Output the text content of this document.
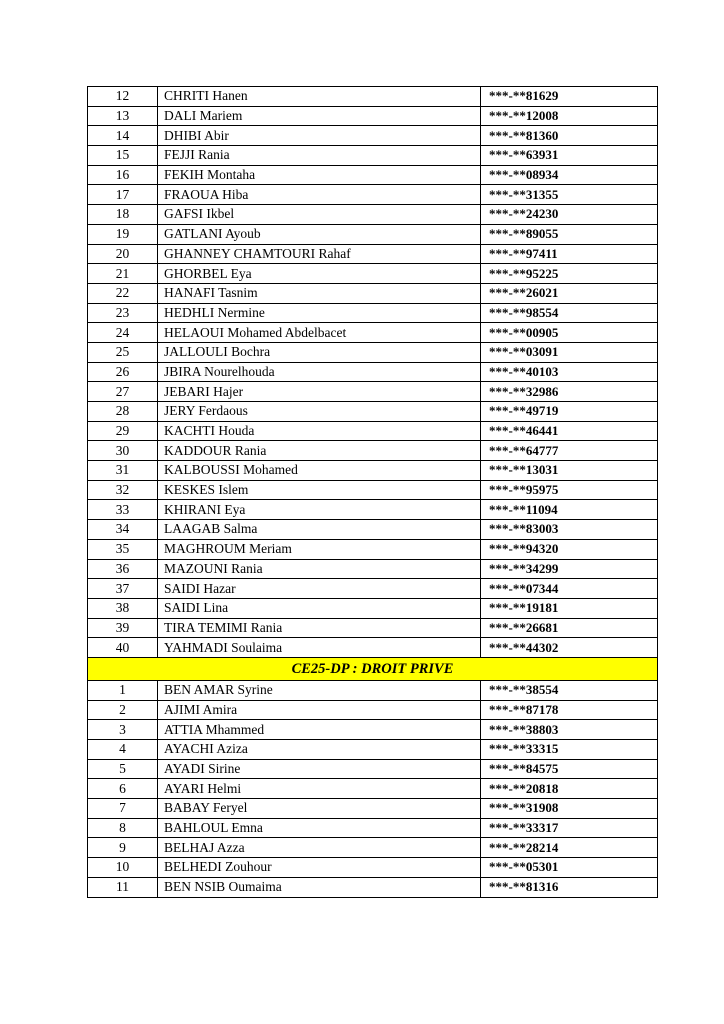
12	CHRITI Hanen	***-**81629
13	DALI Mariem	***-**12008
14	DHIBI Abir	***-**81360
15	FEJJI Rania	***-**63931
16	FEKIH Montaha	***-**08934
17	FRAOUA Hiba	***-**31355
18	GAFSI Ikbel	***-**24230
19	GATLANI Ayoub	***-**89055
20	GHANNEY CHAMTOURI Rahaf	***-**97411
21	GHORBEL Eya	***-**95225
22	HANAFI Tasnim	***-**26021
23	HEDHLI Nermine	***-**98554
24	HELAOUI Mohamed Abdelbacet	***-**00905
25	JALLOULI Bochra	***-**03091
26	JBIRA Nourelhouda	***-**40103
27	JEBARI Hajer	***-**32986
28	JERY Ferdaous	***-**49719
29	KACHTI Houda	***-**46441
30	KADDOUR Rania	***-**64777
31	KALBOUSSI Mohamed	***-**13031
32	KESKES Islem	***-**95975
33	KHIRANI Eya	***-**11094
34	LAAGAB Salma	***-**83003
35	MAGHROUM Meriam	***-**94320
36	MAZOUNI Rania	***-**34299
37	SAIDI Hazar	***-**07344
38	SAIDI Lina	***-**19181
39	TIRA TEMIMI Rania	***-**26681
40	YAHMADI Soulaima	***-**44302
CE25-DP : DROIT PRIVE		
1	BEN AMAR Syrine	***-**38554
2	AJIMI Amira	***-**87178
3	ATTIA Mhammed	***-**38803
4	AYACHI Aziza	***-**33315
5	AYADI Sirine	***-**84575
6	AYARI Helmi	***-**20818
7	BABAY Feryel	***-**31908
8	BAHLOUL Emna	***-**33317
9	BELHAJ Azza	***-**28214
10	BELHEDI Zouhour	***-**05301
11	BEN NSIB Oumaima	***-**81316
